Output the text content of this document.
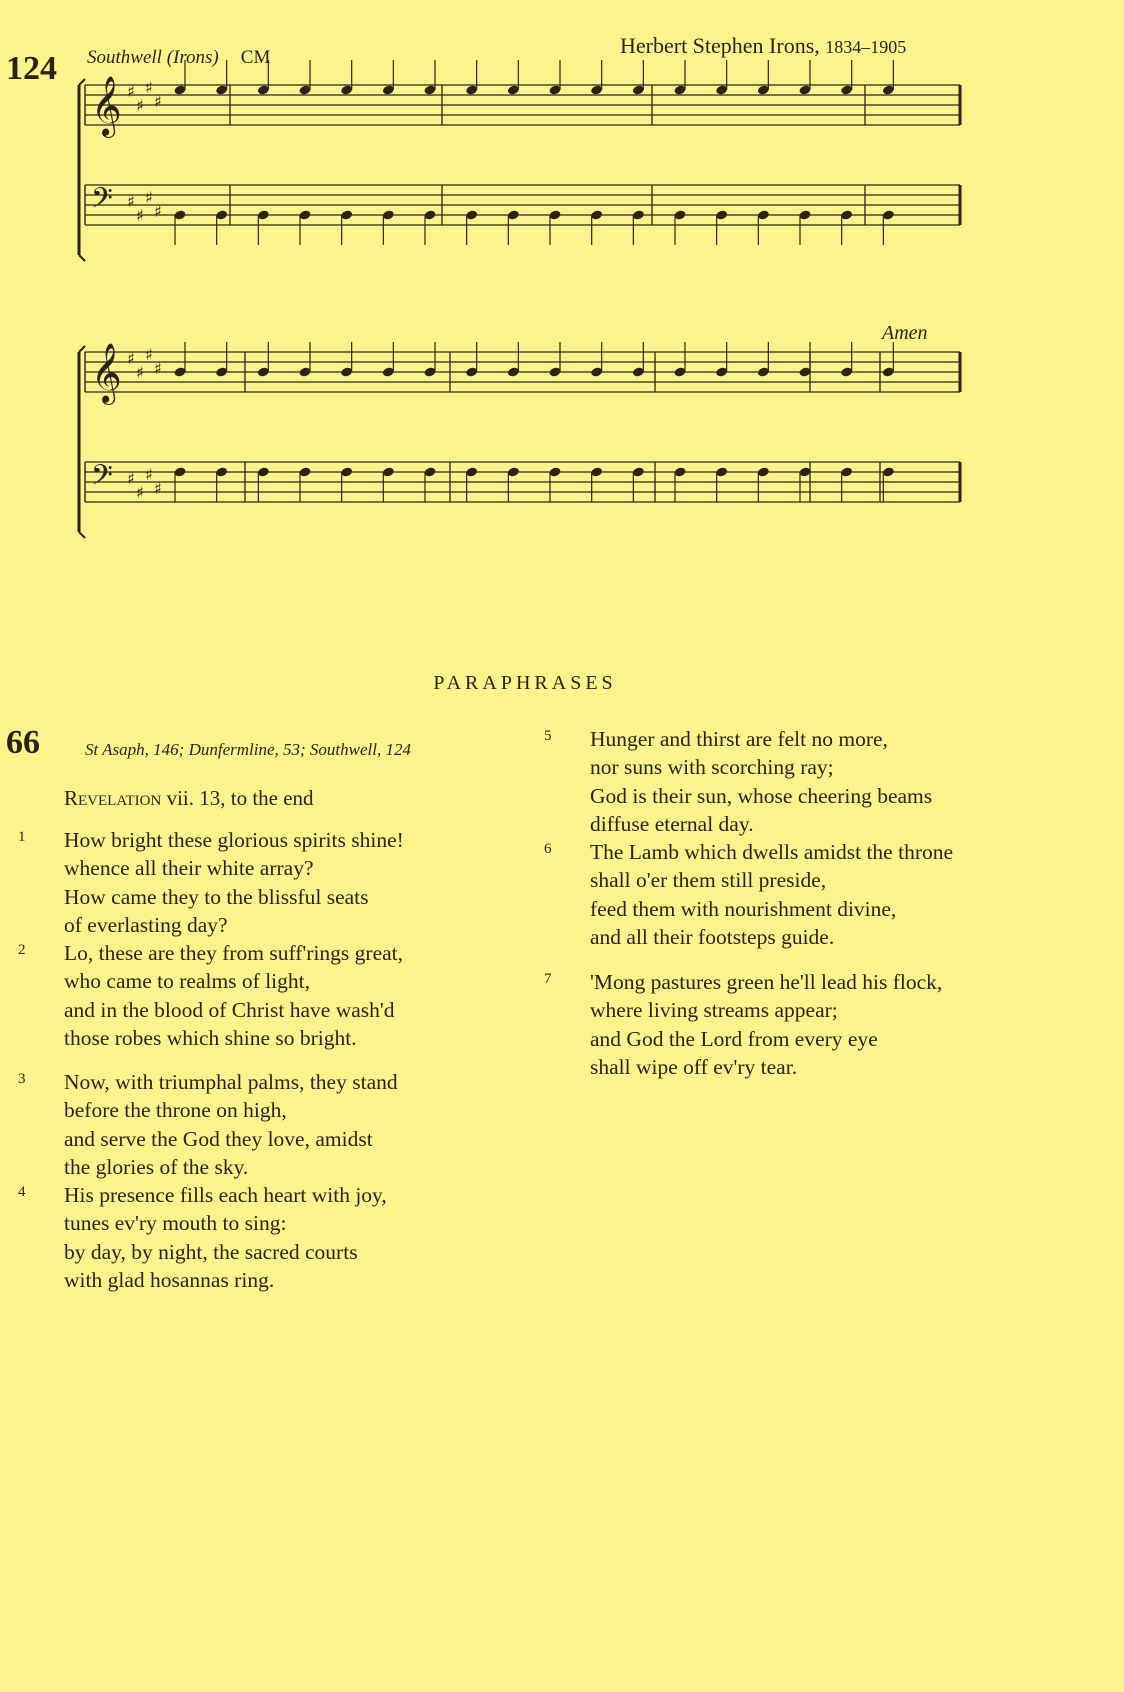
124 Southwell (Irons) CM	Herbert Stephen Irons, 1834–1905
𝄞 ♯
♯
♯
♯
𝄢 ♯
♯
♯
♯
𝄞 ♯
♯
♯
♯
𝄢 ♯
♯
♯
♯
Amen
PARAPHRASES
66	St Asaph, 146; Dunfermline, 53; Southwell, 124
Revelation vii. 13, to the end
1 How bright these glorious spirits shine!
whence all their white array?
How came they to the blissful seats
of everlasting day?
2 Lo, these are they from suff'rings great,
who came to realms of light,
and in the blood of Christ have wash'd
those robes which shine so bright.
3 Now, with triumphal palms, they stand
before the throne on high,
and serve the God they love, amidst
the glories of the sky.
4 His presence fills each heart with joy,
tunes ev'ry mouth to sing:
by day, by night, the sacred courts
with glad hosannas ring.
5 Hunger and thirst are felt no more,
nor suns with scorching ray;
God is their sun, whose cheering beams
diffuse eternal day.
6 The Lamb which dwells amidst the throne
shall o'er them still preside,
feed them with nourishment divine,
and all their footsteps guide.
7 'Mong pastures green he'll lead his flock,
where living streams appear;
and God the Lord from every eye
shall wipe off ev'ry tear.
